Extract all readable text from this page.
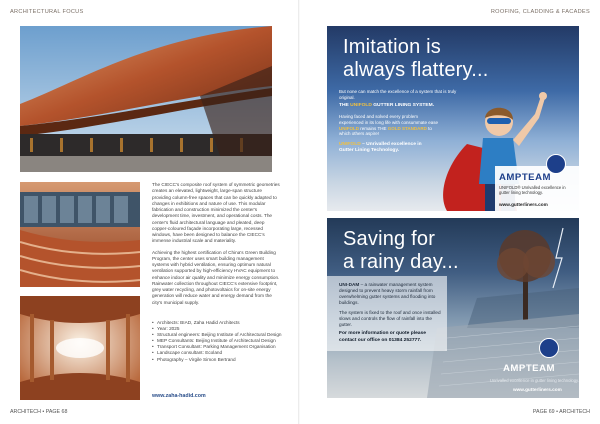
ARCHITECTURAL FOCUS

The CIECC's composite roof system of symmetric geometries creates an elevated, lightweight, large-span structure providing column-free spaces that can be quickly adapted to changes in exhibitions and nature of use. This modular fabrication and construction minimized the center's development time, investment, and operational costs. The center's fluid architectural language and pleated, deep copper-coloured façade incorporating large, recessed windows, have been designed to balance the CIECC's immense industrial scale and materiality.

Achieving the highest certification of China's Green Building Program, the center uses smart building management systems with hybrid ventilation, ensuring optimum natural ventilation supported by high-efficiency HVAC equipment to enhance indoor air quality and minimize energy consumption. Rainwater collection throughout CIECC's extensive footprint, grey water recycling, and photovoltaics for on-site energy generation will reduce water and energy demand from the city's municipal supply.

• Architects: BIAD, Zaha Hadid Architects
• Year: 2025
• Structural engineers: Beijing Institute of Architectural Design
• MEP Consultants: Beijing Institute of Architectural Design
• Transport Consultant: Parking Management Organisation
• Landscape consultant: Ecoland
• Photography – Virgile Simon Bertrand
www.zaha-hadid.com
ARCHITECH • PAGE 68
ROOFING, CLADDING & FACADES
PAGE 69 • ARCHITECH
Imitation is
always flattery...
But none can match the excellence of a system that is truly original.
THE UNIFOLD GUTTER LINING SYSTEM.
Having faced and solved every problem experienced in its long life with consummate ease UNIFOLD remains THE GOLD STANDARD to which others aspire!
UNIFOLD – Unrivalled excellence in Gutter Lining Technology.
AMPTEAM
UNIFOLD® Unrivalled excellence in gutter lining technology.
www.gutterliners.com
Saving for
a rainy day...
UNI-DAM – a rainwater management system designed to prevent heavy storm rainfall from overwhelming gutter systems and flooding into buildings.
The system is fixed to the roof and once installed slows and controls the flow of rainfall into the gutter.
For more information or quote please
contact our office on 01384 252777.
AMPTEAM
Unrivalled excellence in gutter lining technology.
www.gutterliners.com
